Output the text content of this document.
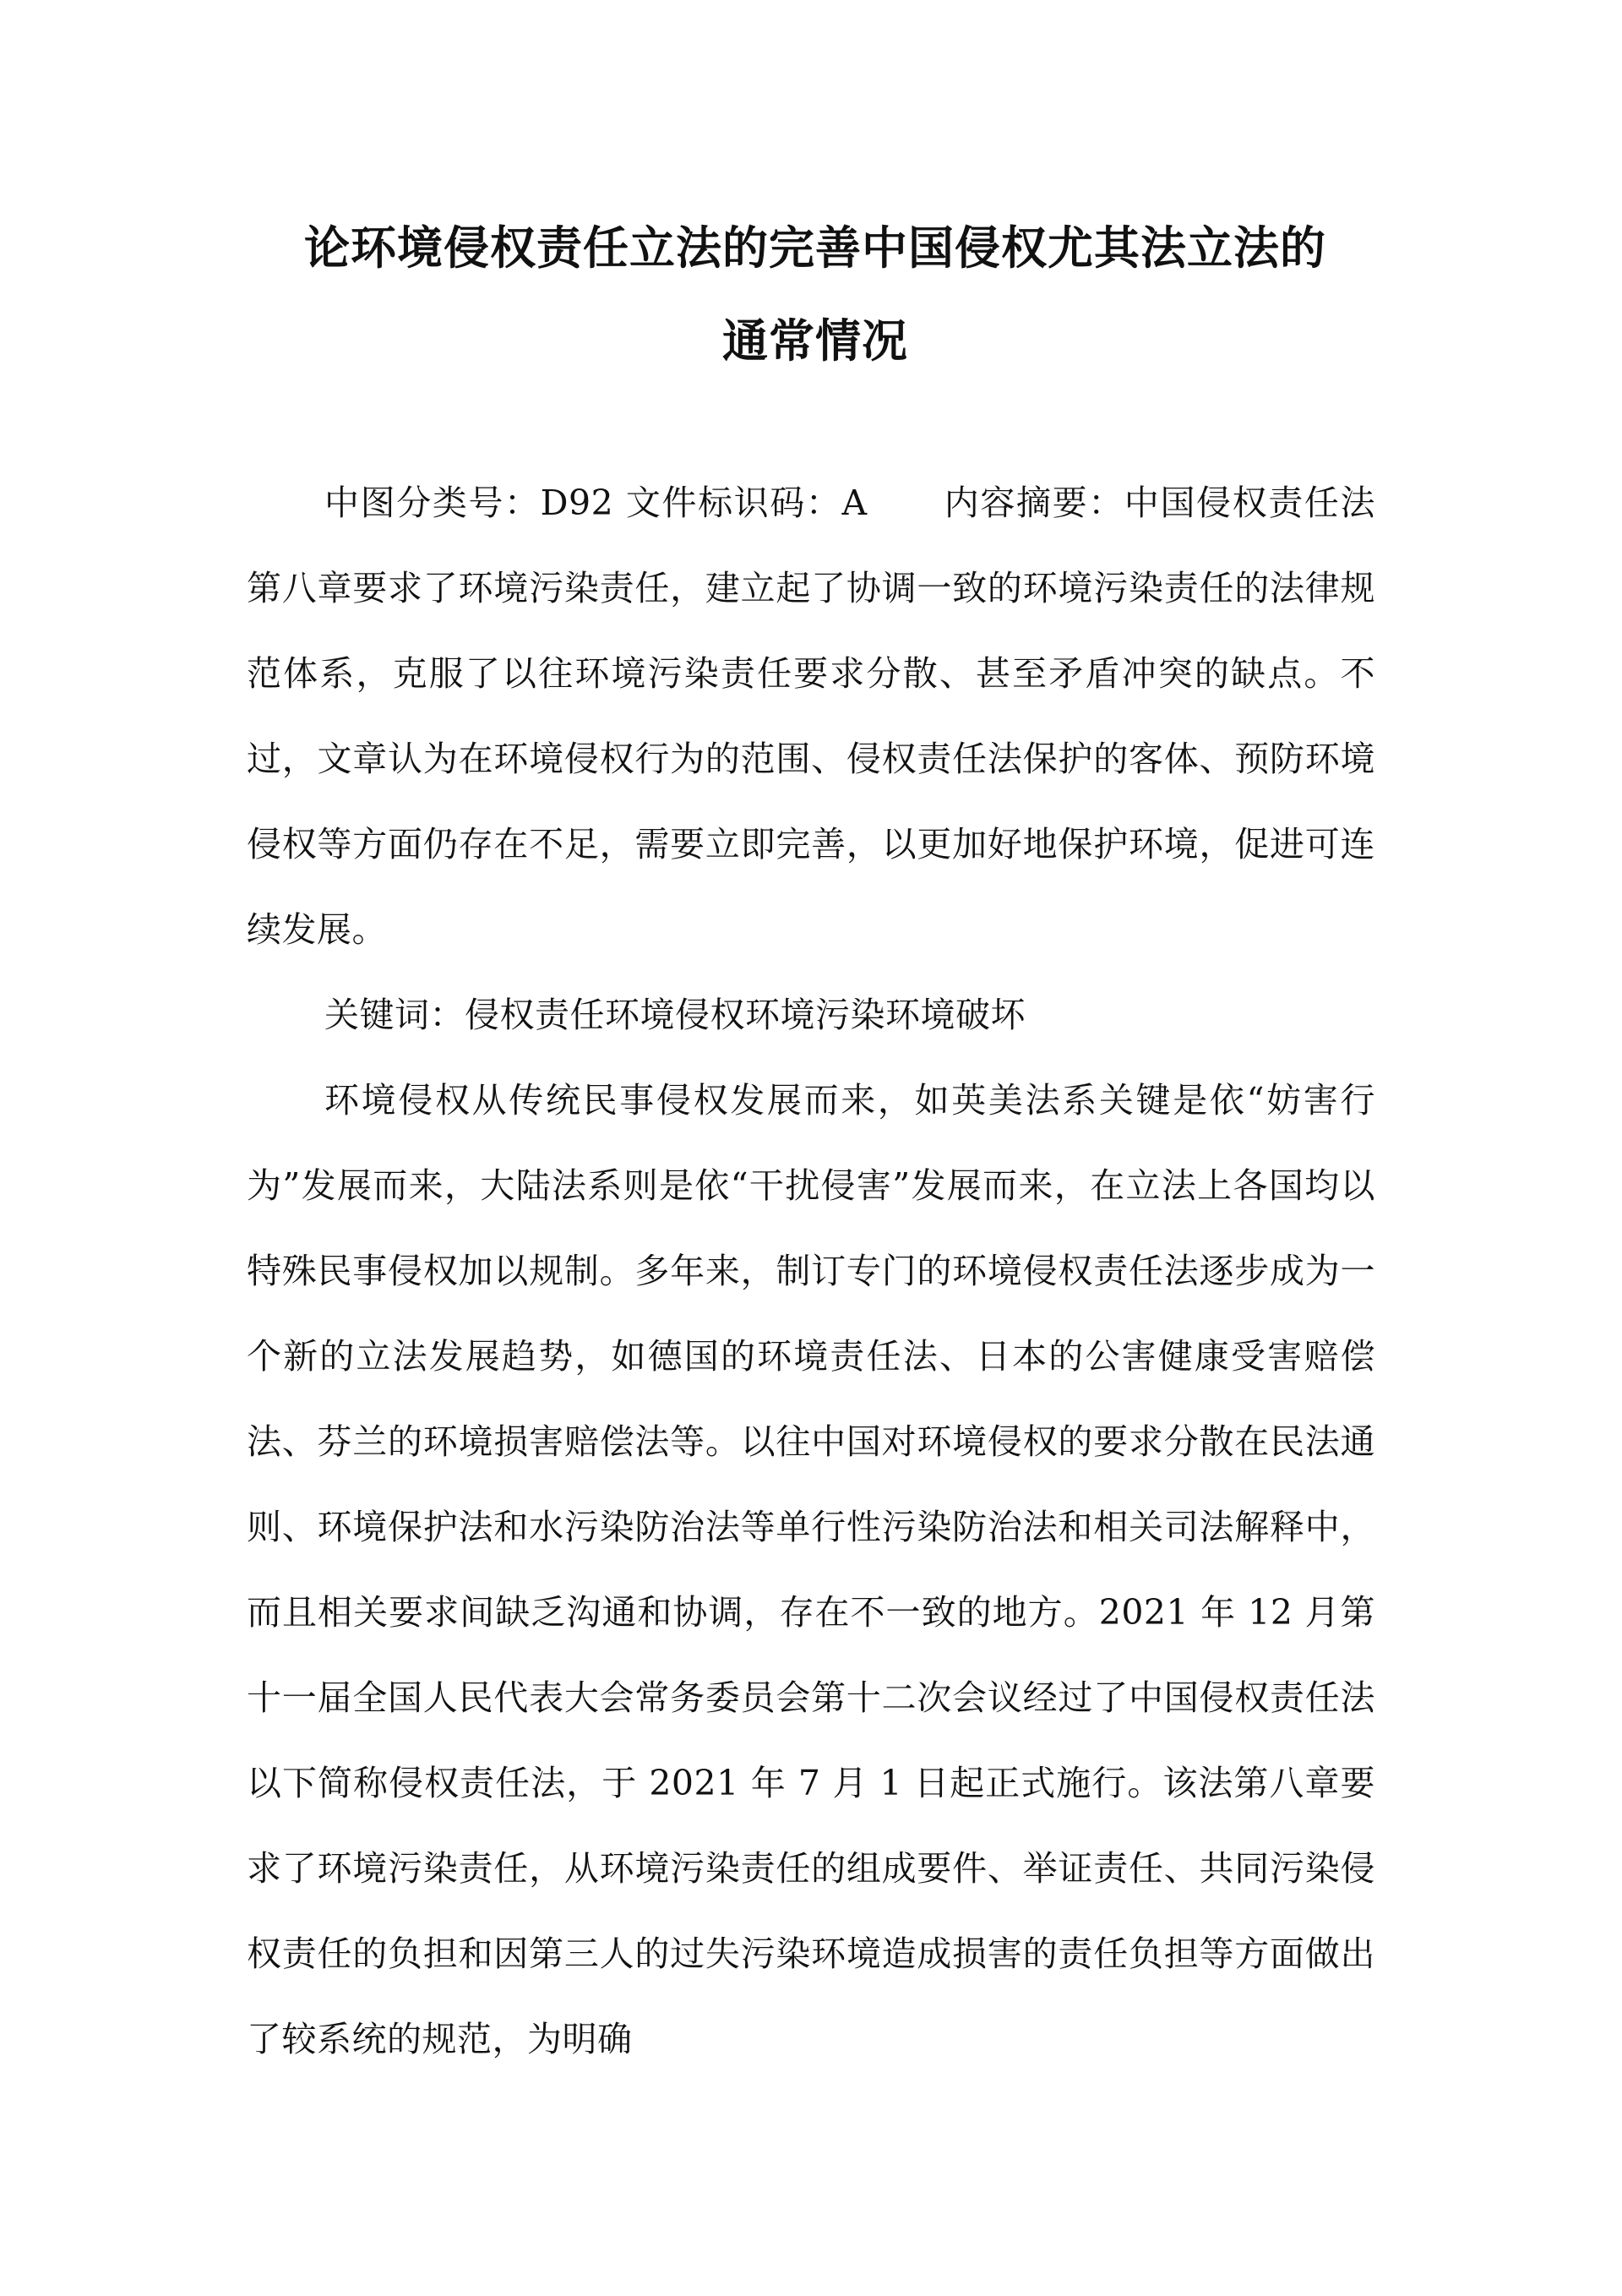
论环境侵权责任立法的完善中国侵权尤其法立法的
通常情况

中图分类号：D92 文件标识码：A 内容摘要：中国侵权责任法第八章要求了环境污染责任，建立起了协调一致的环境污染责任的法律规范体系，克服了以往环境污染责任要求分散、甚至矛盾冲突的缺点。不过，文章认为在环境侵权行为的范围、侵权责任法保护的客体、预防环境侵权等方面仍存在不足，需要立即完善，以更加好地保护环境，促进可连续发展。

关键词：侵权责任环境侵权环境污染环境破坏

环境侵权从传统民事侵权发展而来，如英美法系关键是依“妨害行为”发展而来，大陆法系则是依“干扰侵害”发展而来，在立法上各国均以特殊民事侵权加以规制。多年来，制订专门的环境侵权责任法逐步成为一个新的立法发展趋势，如德国的环境责任法、日本的公害健康受害赔偿法、芬兰的环境损害赔偿法等。以往中国对环境侵权的要求分散在民法通则、环境保护法和水污染防治法等单行性污染防治法和相关司法解释中，而且相关要求间缺乏沟通和协调，存在不一致的地方。2021 年 12 月第十一届全国人民代表大会常务委员会第十二次会议经过了中国侵权责任法以下简称侵权责任法，于 2021 年 7 月 1 日起正式施行。该法第八章要求了环境污染责任，从环境污染责任的组成要件、举证责任、共同污染侵权责任的负担和因第三人的过失污染环境造成损害的责任负担等方面做出了较系统的规范，为明确
